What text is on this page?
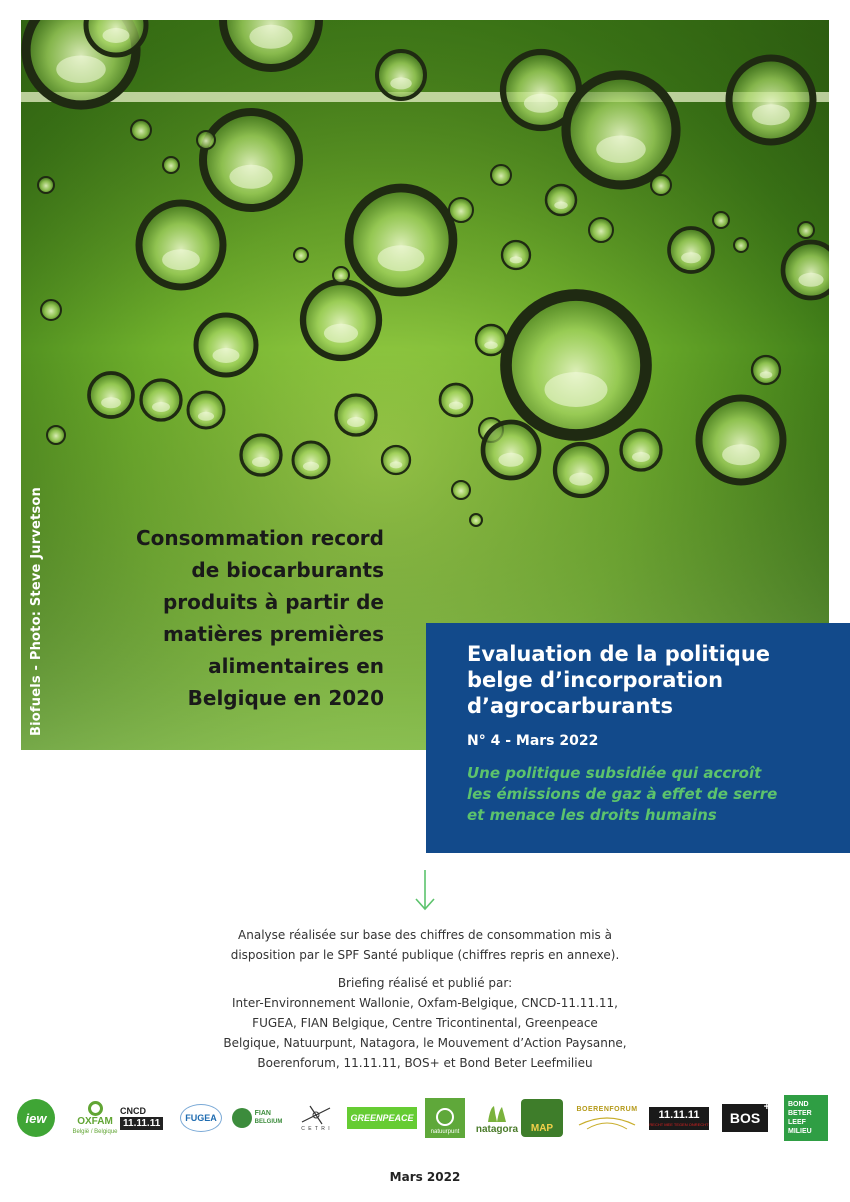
Biofuels - Photo: Steve Jurvetson	Consommation record
de biocarburants
produits à partir de
matières premières
alimentaires en
Belgique en 2020

Evaluation de la politique
belge d’incorporation
d’agrocarburants

N° 4 - Mars 2022

Une politique subsidiée qui accroît
les émissions de gaz à effet de serre
et menace les droits humains

Analyse réalisée sur base des chiffres de consommation mis à

disposition par le SPF Santé publique (chiffres repris en annexe).

Briefing réalisé et publié par:

Inter-Environnement Wallonie, Oxfam-Belgique, CNCD-11.11.11,

FUGEA, FIAN Belgique, Centre Tricontinental, Greenpeace

Belgique, Natuurpunt, Natagora, le Mouvement d’Action Paysanne,

Boerenforum, 11.11.11, BOS+ et Bond Beter Leefmilieu

iew	OXFAM
België / Belgique
CNCD
11.11.11	FUGEA	FIAN
BELGIUM
C E T R I
GREENPEACE
natuurpunt natagora MAP
BOERENFORUM 11.11.11
RECHT MEE TEGEN ONRECHT BOS
+	BOND
BETER
LEEF
MILIEU
Mars 2022
